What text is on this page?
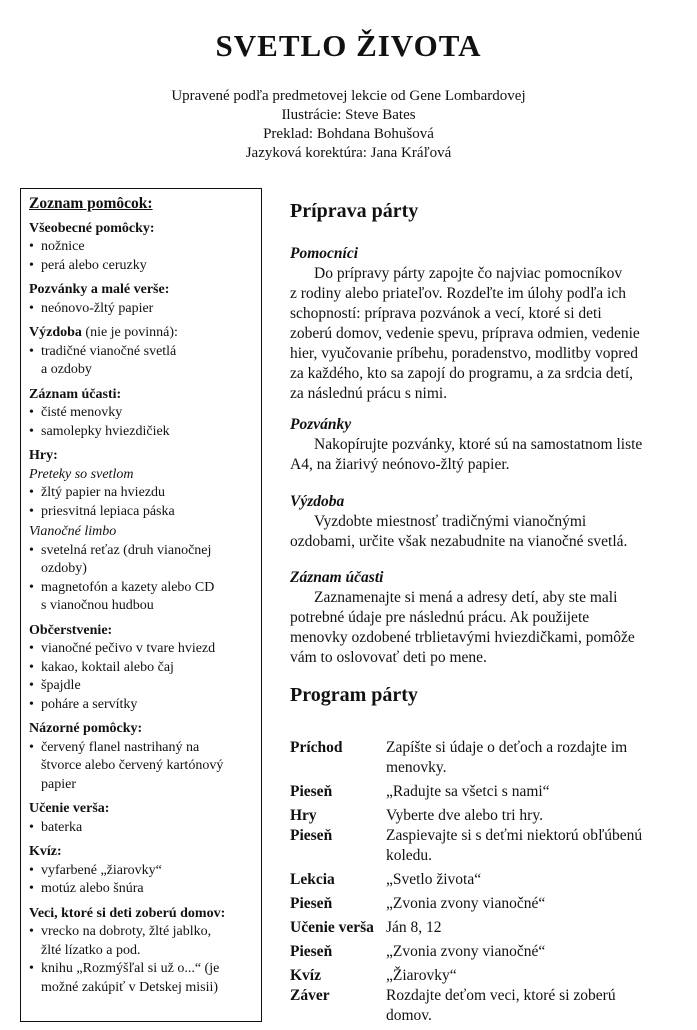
SVETLO ŽIVOTA
Upravené podľa predmetovej lekcie od Gene Lombardovej
Ilustrácie: Steve Bates
Preklad: Bohdana Bohušová
Jazyková korektúra: Jana Kráľová
Zoznam pomôcok:
Všeobecné pomôcky:
• nožnice
• perá alebo ceruzky
Pozvánky a malé verše:
• neónovo-žltý papier
Výzdoba (nie je povinná):
• tradičné vianočné svetlá
a ozdoby
Záznam účasti:
• čisté menovky
• samolepky hviezdičiek
Hry:
Preteky so svetlom
• žltý papier na hviezdu
• priesvitná lepiaca páska
Vianočné limbo
• svetelná reťaz (druh vianočnej
ozdoby)
• magnetofón a kazety alebo CD
s vianočnou hudbou
Občerstvenie:
• vianočné pečivo v tvare hviezd
• kakao, koktail alebo čaj
• špajdle
• poháre a servítky
Názorné pomôcky:
• červený flanel nastrihaný na
štvorce alebo červený kartónový
papier
Učenie verša:
• baterka
Kvíz:
• vyfarbené „žiarovky“
• motúz alebo šnúra
Veci, ktoré si deti zoberú domov:
• vrecko na dobroty, žlté jablko,
žlté lízatko a pod.
• knihu „Rozmýšľal si už o...“ (je
možné zakúpiť v Detskej misii)
Príprava párty
Pomocníci
Do prípravy párty zapojte čo najviac pomocníkov
z rodiny alebo priateľov. Rozdeľte im úlohy podľa ich
schopností: príprava pozvánok a vecí, ktoré si deti
zoberú domov, vedenie spevu, príprava odmien, vedenie
hier, vyučovanie príbehu, poradenstvo, modlitby vopred
za každého, kto sa zapojí do programu, a za srdcia detí,
za následnú prácu s nimi.
Pozvánky
Nakopírujte pozvánky, ktoré sú na samostatnom liste
A4, na žiarivý neónovo-žltý papier.
Výzdoba
Vyzdobte miestnosť tradičnými vianočnými
ozdobami, určite však nezabudnite na vianočné svetlá.
Záznam účasti
Zaznamenajte si mená a adresy detí, aby ste mali
potrebné údaje pre následnú prácu. Ak použijete
menovky ozdobené trblietavými hviezdičkami, pomôže
vám to oslovovať deti po mene.
Program párty
Príchod	Zapíšte si údaje o deťoch a rozdajte im
menovky.
Pieseň	„Radujte sa všetci s nami“
Hry	Vyberte dve alebo tri hry.
Pieseň	Zaspievajte si s deťmi niektorú obľúbenú
koledu.
Lekcia	„Svetlo života“
Pieseň	„Zvonia zvony vianočné“
Učenie verša Ján 8, 12
Pieseň	„Zvonia zvony vianočné“
Kvíz	„Žiarovky“
Záver	Rozdajte deťom veci, ktoré si zoberú
domov.
